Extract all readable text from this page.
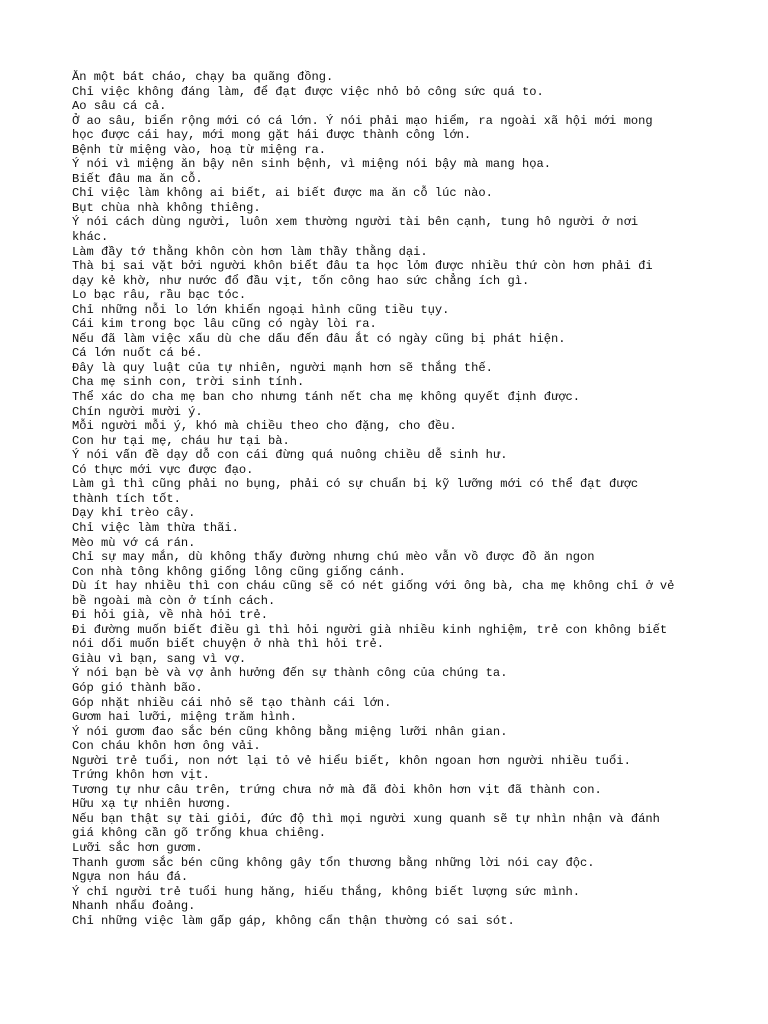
Ăn một bát cháo, chạy ba quãng đồng.
Chỉ việc không đáng làm, để đạt được việc nhỏ bỏ công sức quá to.
Ao sâu cá cả.
Ở ao sâu, biển rộng mới có cá lớn. Ý nói phải mạo hiểm, ra ngoài xã hội mới mong
học được cái hay, mới mong gặt hái được thành công lớn.
Bệnh từ miệng vào, hoạ từ miệng ra.
Ý nói vì miệng ăn bậy nên sinh bệnh, vì miệng nói bậy mà mang họa.
Biết đâu ma ăn cỗ.
Chỉ việc làm không ai biết, ai biết được ma ăn cỗ lúc nào.
Bụt chùa nhà không thiêng.
Ý nói cách dùng người, luôn xem thường người tài bên cạnh, tung hô người ở nơi
khác.
Làm đầy tớ thằng khôn còn hơn làm thầy thằng dại.
Thà bị sai vặt bởi người khôn biết đâu ta học lỏm được nhiều thứ còn hơn phải đi
dạy kẻ khờ, như nước đổ đầu vịt, tốn công hao sức chẳng ích gì.
Lo bạc râu, rầu bạc tóc.
Chỉ những nỗi lo lớn khiến ngoại hình cũng tiều tụy.
Cái kim trong bọc lâu cũng có ngày lòi ra.
Nếu đã làm việc xấu dù che dấu đến đâu ắt có ngày cũng bị phát hiện.
Cá lớn nuốt cá bé.
Đây là quy luật của tự nhiên, người mạnh hơn sẽ thắng thế.
Cha mẹ sinh con, trời sinh tính.
Thể xác do cha mẹ ban cho nhưng tánh nết cha mẹ không quyết định được.
Chín người mười ý.
Mỗi người mỗi ý, khó mà chiều theo cho đặng, cho đều.
Con hư tại mẹ, cháu hư tại bà.
Ý nói vấn đề dạy dỗ con cái đừng quá nuông chiều dễ sinh hư.
Có thực mới vực được đạo.
Làm gì thì cũng phải no bụng, phải có sự chuẩn bị kỹ lưỡng mới có thể đạt được
thành tích tốt.
Dạy khỉ trèo cây.
Chỉ việc làm thừa thãi.
Mèo mù vớ cá rán.
Chỉ sự may mắn, dù không thấy đường nhưng chú mèo vẫn vồ được đồ ăn ngon
Con nhà tông không giống lông cũng giống cánh.
Dù ít hay nhiều thì con cháu cũng sẽ có nét giống với ông bà, cha mẹ không chỉ ở vẻ
bề ngoài mà còn ở tính cách.
Đi hỏi già, về nhà hỏi trẻ.
Đi đường muốn biết điều gì thì hỏi người già nhiều kinh nghiệm, trẻ con không biết
nói dối muốn biết chuyện ở nhà thì hỏi trẻ.
Giàu vì bạn, sang vì vợ.
Ý nói bạn bè và vợ ảnh hưởng đến sự thành công của chúng ta.
Góp gió thành bão.
Góp nhặt nhiều cái nhỏ sẽ tạo thành cái lớn.
Gươm hai lưỡi, miệng trăm hình.
Ý nói gươm đao sắc bén cũng không bằng miệng lưỡi nhân gian.
Con cháu khôn hơn ông vải.
Người trẻ tuổi, non nớt lại tỏ vẻ hiểu biết, khôn ngoan hơn người nhiều tuổi.
Trứng khôn hơn vịt.
Tương tự như câu trên, trứng chưa nở mà đã đòi khôn hơn vịt đã thành con.
Hữu xạ tự nhiên hương.
Nếu bạn thật sự tài giỏi, đức độ thì mọi người xung quanh sẽ tự nhìn nhận và đánh
giá không cần gõ trống khua chiêng.
Lưỡi sắc hơn gươm.
Thanh gươm sắc bén cũng không gây tổn thương bằng những lời nói cay độc.
Ngựa non háu đá.
Ý chỉ người trẻ tuổi hung hăng, hiếu thắng, không biết lượng sức mình.
Nhanh nhẩu đoảng.
Chỉ những việc làm gấp gáp, không cẩn thận thường có sai sót.
